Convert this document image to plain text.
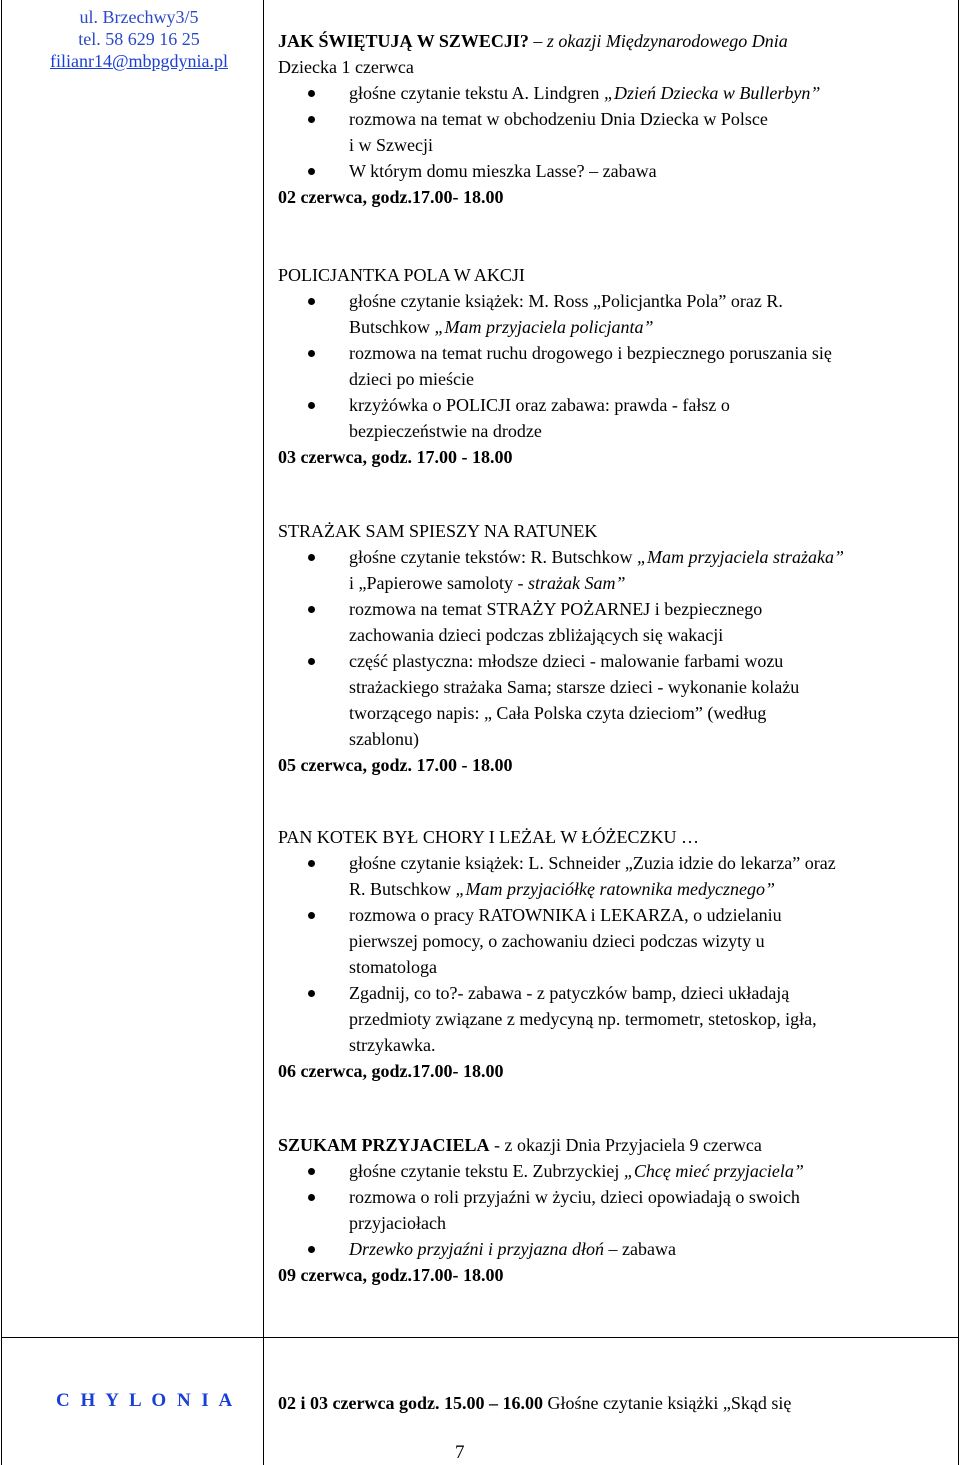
ul. Brzechwy3/5
tel. 58 629 16 25
filianr14@mbpgdynia.pl
JAK ŚWIĘTUJĄ W SZWECJI? – z okazji Międzynarodowego Dnia
Dziecka 1 czerwca
głośne czytanie tekstu A. Lindgren „Dzień Dziecka w Bullerbyn”
rozmowa na temat w obchodzeniu Dnia Dziecka w Polsce
i w Szwecji
W którym domu mieszka Lasse? – zabawa
02 czerwca, godz.17.00- 18.00
POLICJANTKA POLA W AKCJI
głośne czytanie książek: M. Ross „Policjantka Pola” oraz R.
Butschkow „Mam przyjaciela policjanta”
rozmowa na temat ruchu drogowego i bezpiecznego poruszania się
dzieci po mieście
krzyżówka o POLICJI oraz zabawa: prawda - fałsz o
bezpieczeństwie na drodze
03 czerwca, godz. 17.00 - 18.00
STRAŻAK SAM SPIESZY NA RATUNEK
głośne czytanie tekstów: R. Butschkow „Mam przyjaciela strażaka”
i „Papierowe samoloty - strażak Sam”
rozmowa na temat STRAŻY POŻARNEJ i bezpiecznego
zachowania dzieci podczas zbliżających się wakacji
część plastyczna: młodsze dzieci - malowanie farbami wozu
strażackiego strażaka Sama; starsze dzieci - wykonanie kolażu
tworzącego napis: „ Cała Polska czyta dzieciom” (według
szablonu)
05 czerwca, godz. 17.00 - 18.00
PAN KOTEK BYŁ CHORY I LEŻAŁ W ŁÓŻECZKU …
głośne czytanie książek: L. Schneider „Zuzia idzie do lekarza” oraz
R. Butschkow „Mam przyjaciółkę ratownika medycznego”
rozmowa o pracy RATOWNIKA i LEKARZA, o udzielaniu
pierwszej pomocy, o zachowaniu dzieci podczas wizyty u
stomatologa
Zgadnij, co to?- zabawa - z patyczków bamp, dzieci układają
przedmioty związane z medycyną np. termometr, stetoskop, igła,
strzykawka.
06 czerwca, godz.17.00- 18.00
SZUKAM PRZYJACIELA - z okazji Dnia Przyjaciela 9 czerwca
głośne czytanie tekstu E. Zubrzyckiej „Chcę mieć przyjaciela”
rozmowa o roli przyjaźni w życiu, dzieci opowiadają o swoich
przyjaciołach
Drzewko przyjaźni i przyjazna dłoń – zabawa
09 czerwca, godz.17.00- 18.00
C H Y L O N I A 02 i 03 czerwca godz. 15.00 – 16.00 Głośne czytanie książki „Skąd się
7
